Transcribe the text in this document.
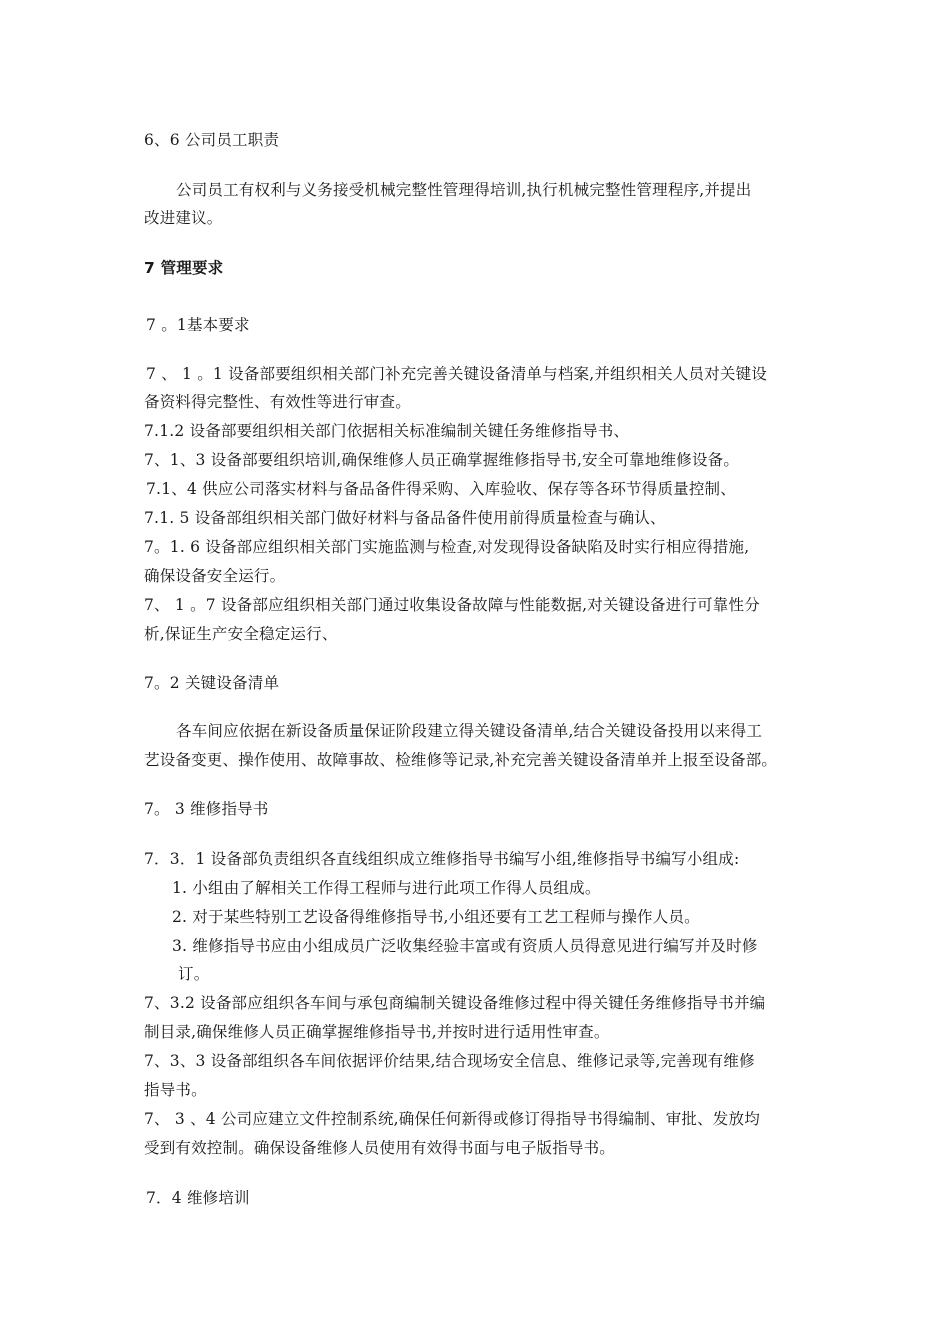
6、6 公司员工职责
公司员工有权利与义务接受机械完整性管理得培训,执行机械完整性管理程序,并提出
改进建议。
7 管理要求
7 。1基本要求
7 、 1 。1 设备部要组织相关部门补充完善关键设备清单与档案,并组织相关人员对关键设
备资料得完整性、有效性等进行审查。
7.1.2 设备部要组织相关部门依据相关标准编制关键任务维修指导书、
7、1、3 设备部要组织培训,确保维修人员正确掌握维修指导书,安全可靠地维修设备。
7.1、4 供应公司落实材料与备品备件得采购、入库验收、保存等各环节得质量控制、
7.1. 5 设备部组织相关部门做好材料与备品备件使用前得质量检查与确认、
7。1. 6 设备部应组织相关部门实施监测与检查,对发现得设备缺陷及时实行相应得措施,
确保设备安全运行。
7、 1 。7 设备部应组织相关部门通过收集设备故障与性能数据,对关键设备进行可靠性分
析,保证生产安全稳定运行、
7。2 关键设备清单
各车间应依据在新设备质量保证阶段建立得关键设备清单,结合关键设备投用以来得工
艺设备变更、操作使用、故障事故、检维修等记录,补充完善关键设备清单并上报至设备部。
7。 3 维修指导书
7．3．1 设备部负责组织各直线组织成立维修指导书编写小组,维修指导书编写小组成:
1. 小组由了解相关工作得工程师与进行此项工作得人员组成。
2. 对于某些特别工艺设备得维修指导书,小组还要有工艺工程师与操作人员。
3. 维修指导书应由小组成员广泛收集经验丰富或有资质人员得意见进行编写并及时修
订。
7、3.2 设备部应组织各车间与承包商编制关键设备维修过程中得关键任务维修指导书并编
制目录,确保维修人员正确掌握维修指导书,并按时进行适用性审查。
7、3、3 设备部组织各车间依据评价结果,结合现场安全信息、维修记录等,完善现有维修
指导书。
7、 3 、4 公司应建立文件控制系统,确保任何新得或修订得指导书得编制、审批、发放均
受到有效控制。确保设备维修人员使用有效得书面与电子版指导书。
7．4 维修培训
